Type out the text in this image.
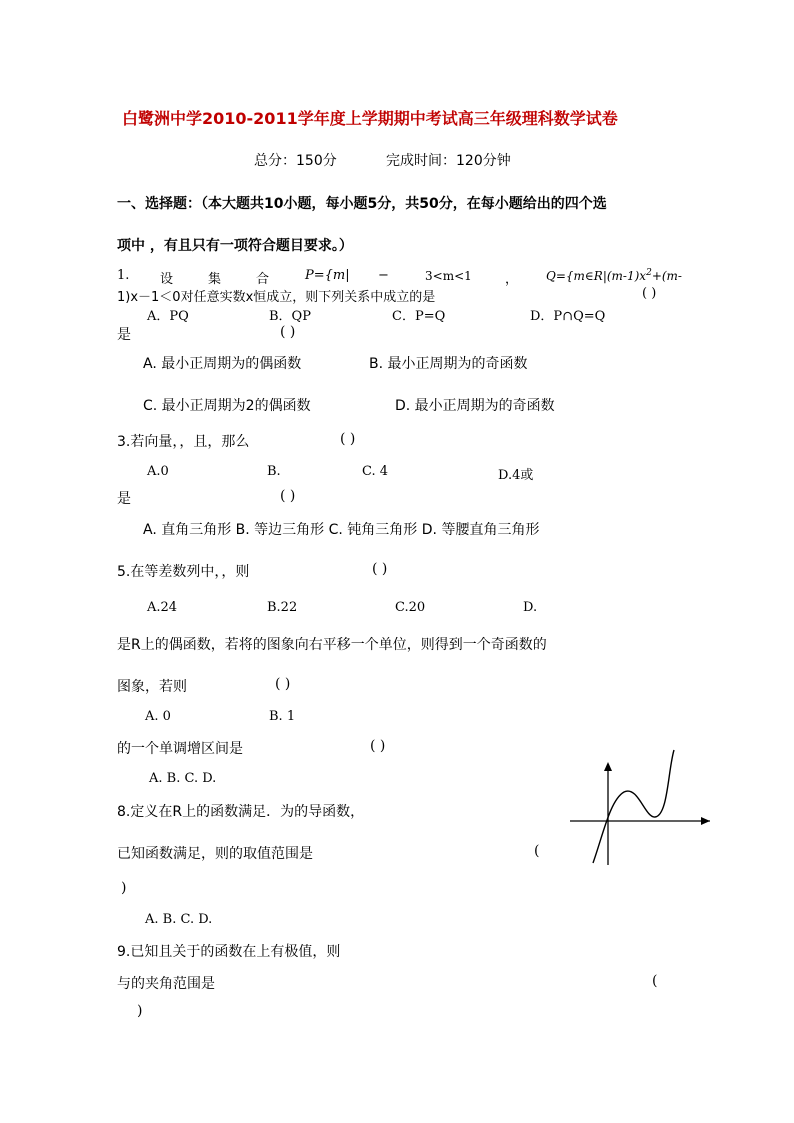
白鹭洲中学2010-2011学年度上学期期中考试高三年级理科数学试卷
总分：150分	完成时间：120分钟
一、选择题：（本大题共10小题，每小题5分，共50分，在每小题给出的四个选
项中 ，有且只有一项符合题目要求。）
1. 设	集	合	P={m| −	3<m<1	， $Q=\{m\in R|(m-1)x^2+(m-$
1)x－1＜0对任意实数x恒成立，则下列关系中成立的是	( )
A．PQ	B．QP	C．P=Q	D．P∩Q=Q
是	( )
A. 最小正周期为的偶函数	B. 最小正周期为的奇函数
C. 最小正周期为2的偶函数	D. 最小正周期为的奇函数
3.若向量，，且，那么	( )
A.0	B.	C. 4	D.4或
是	( )
A. 直角三角形 B. 等边三角形 C. 钝角三角形 D. 等腰直角三角形
5.在等差数列中，，则	( )
A.24	B.22	C.20	D.
是R上的偶函数，若将的图象向右平移一个单位，则得到一个奇函数的
图象，若则	( )
A. 0	B. 1
的一个单调增区间是	( )
A. B. C. D.
8.定义在R上的函数满足．为的导函数，
已知函数满足，则的取值范围是	(
)
A. B. C. D.
9.已知且关于的函数在上有极值，则
与的夹角范围是	(
)
